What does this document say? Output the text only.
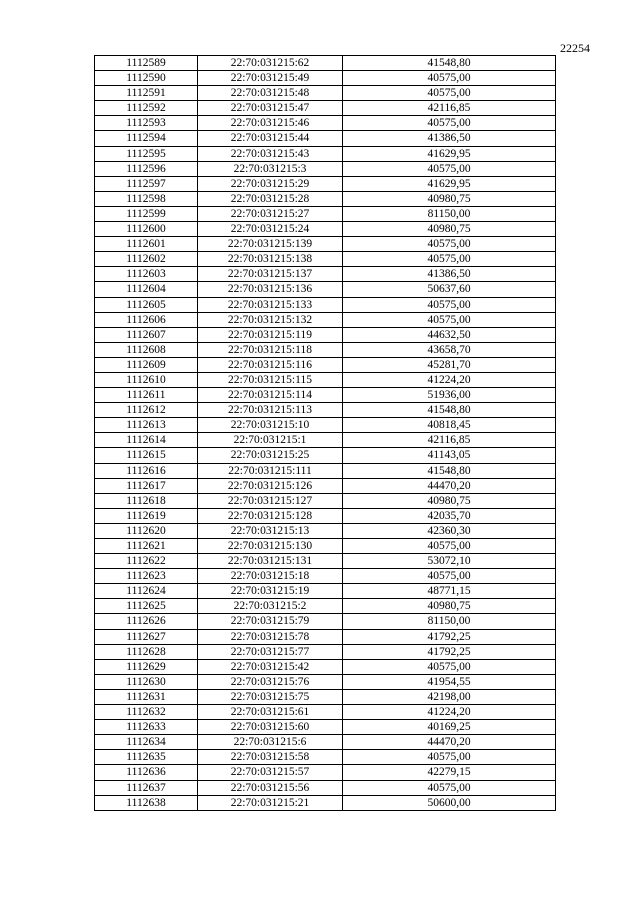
22254
1112589	22:70:031215:62	41548,80
1112590	22:70:031215:49	40575,00
1112591	22:70:031215:48	40575,00
1112592	22:70:031215:47	42116,85
1112593	22:70:031215:46	40575,00
1112594	22:70:031215:44	41386,50
1112595	22:70:031215:43	41629,95
1112596	22:70:031215:3	40575,00
1112597	22:70:031215:29	41629,95
1112598	22:70:031215:28	40980,75
1112599	22:70:031215:27	81150,00
1112600	22:70:031215:24	40980,75
1112601	22:70:031215:139	40575,00
1112602	22:70:031215:138	40575,00
1112603	22:70:031215:137	41386,50
1112604	22:70:031215:136	50637,60
1112605	22:70:031215:133	40575,00
1112606	22:70:031215:132	40575,00
1112607	22:70:031215:119	44632,50
1112608	22:70:031215:118	43658,70
1112609	22:70:031215:116	45281,70
1112610	22:70:031215:115	41224,20
1112611	22:70:031215:114	51936,00
1112612	22:70:031215:113	41548,80
1112613	22:70:031215:10	40818,45
1112614	22:70:031215:1	42116,85
1112615	22:70:031215:25	41143,05
1112616	22:70:031215:111	41548,80
1112617	22:70:031215:126	44470,20
1112618	22:70:031215:127	40980,75
1112619	22:70:031215:128	42035,70
1112620	22:70:031215:13	42360,30
1112621	22:70:031215:130	40575,00
1112622	22:70:031215:131	53072,10
1112623	22:70:031215:18	40575,00
1112624	22:70:031215:19	48771,15
1112625	22:70:031215:2	40980,75
1112626	22:70:031215:79	81150,00
1112627	22:70:031215:78	41792,25
1112628	22:70:031215:77	41792,25
1112629	22:70:031215:42	40575,00
1112630	22:70:031215:76	41954,55
1112631	22:70:031215:75	42198,00
1112632	22:70:031215:61	41224,20
1112633	22:70:031215:60	40169,25
1112634	22:70:031215:6	44470,20
1112635	22:70:031215:58	40575,00
1112636	22:70:031215:57	42279,15
1112637	22:70:031215:56	40575,00
1112638	22:70:031215:21	50600,00
